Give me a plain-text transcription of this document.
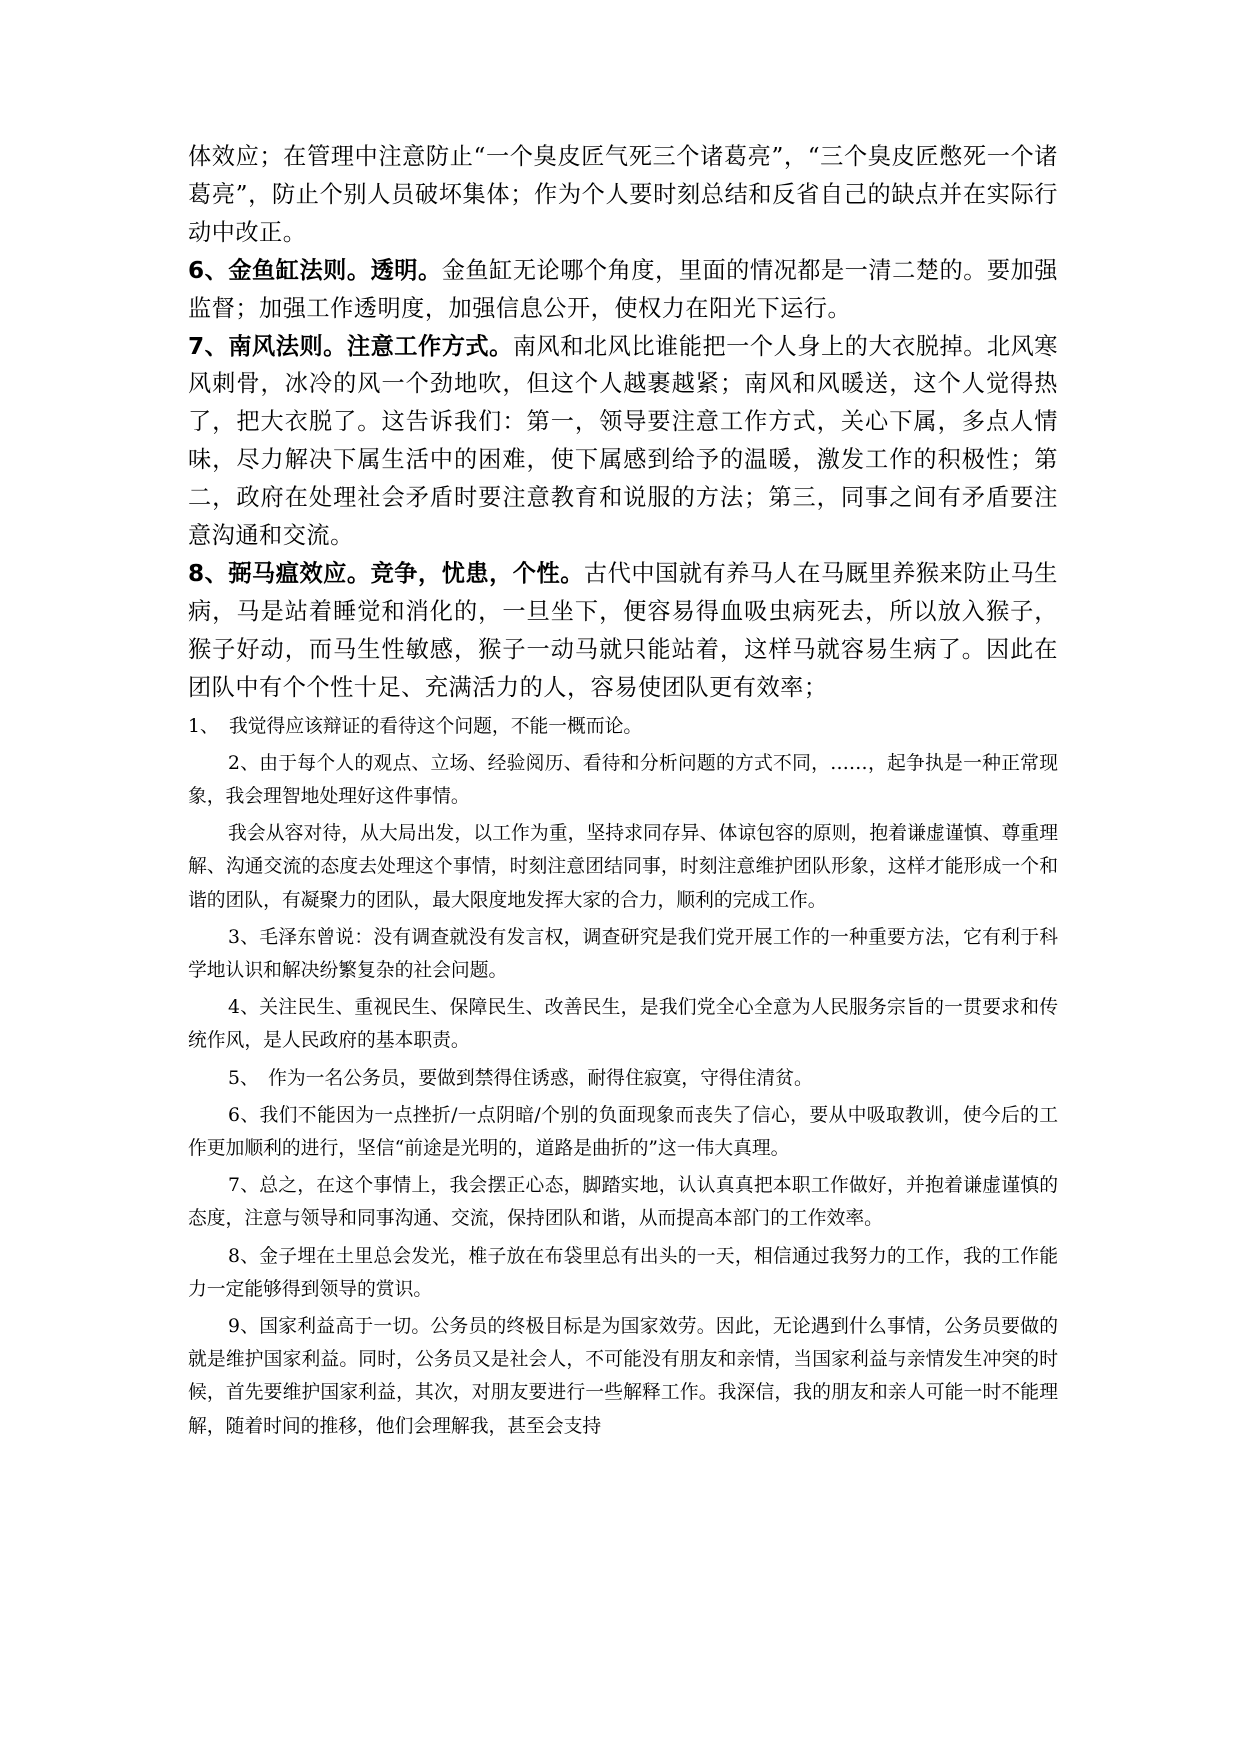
体效应；在管理中注意防止“一个臭皮匠气死三个诸葛亮”，“三个臭皮匠憋死一个诸葛亮”，防止个别人员破坏集体；作为个人要时刻总结和反省自己的缺点并在实际行动中改正。

6、金鱼缸法则。透明。金鱼缸无论哪个角度，里面的情况都是一清二楚的。要加强监督；加强工作透明度，加强信息公开，使权力在阳光下运行。

7、南风法则。注意工作方式。南风和北风比谁能把一个人身上的大衣脱掉。北风寒风刺骨，冰冷的风一个劲地吹，但这个人越裹越紧；南风和风暖送，这个人觉得热了，把大衣脱了。这告诉我们：第一，领导要注意工作方式，关心下属，多点人情味，尽力解决下属生活中的困难，使下属感到给予的温暖，激发工作的积极性；第二，政府在处理社会矛盾时要注意教育和说服的方法；第三，同事之间有矛盾要注意沟通和交流。

8、弼马瘟效应。竞争，忧患，个性。古代中国就有养马人在马厩里养猴来防止马生病，马是站着睡觉和消化的，一旦坐下，便容易得血吸虫病死去，所以放入猴子，猴子好动，而马生性敏感，猴子一动马就只能站着，这样马就容易生病了。因此在团队中有个个性十足、充满活力的人，容易使团队更有效率；

1、 我觉得应该辩证的看待这个问题，不能一概而论。

2、由于每个人的观点、立场、经验阅历、看待和分析问题的方式不同，……，起争执是一种正常现象，我会理智地处理好这件事情。

我会从容对待，从大局出发，以工作为重，坚持求同存异、体谅包容的原则，抱着谦虚谨慎、尊重理解、沟通交流的态度去处理这个事情，时刻注意团结同事，时刻注意维护团队形象，这样才能形成一个和谐的团队，有凝聚力的团队，最大限度地发挥大家的合力，顺利的完成工作。

3、毛泽东曾说：没有调查就没有发言权，调查研究是我们党开展工作的一种重要方法，它有利于科学地认识和解决纷繁复杂的社会问题。

4、关注民生、重视民生、保障民生、改善民生，是我们党全心全意为人民服务宗旨的一贯要求和传统作风，是人民政府的基本职责。

5、　作为一名公务员，要做到禁得住诱惑，耐得住寂寞，守得住清贫。

6、我们不能因为一点挫折/一点阴暗/个别的负面现象而丧失了信心，要从中吸取教训，使今后的工作更加顺利的进行，坚信“前途是光明的，道路是曲折的”这一伟大真理。

7、总之，在这个事情上，我会摆正心态，脚踏实地，认认真真把本职工作做好，并抱着谦虚谨慎的态度，注意与领导和同事沟通、交流，保持团队和谐，从而提高本部门的工作效率。

8、金子埋在土里总会发光，椎子放在布袋里总有出头的一天，相信通过我努力的工作，我的工作能力一定能够得到领导的赏识。

9、国家利益高于一切。公务员的终极目标是为国家效劳。因此，无论遇到什么事情，公务员要做的就是维护国家利益。同时，公务员又是社会人，不可能没有朋友和亲情，当国家利益与亲情发生冲突的时候，首先要维护国家利益，其次，对朋友要进行一些解释工作。我深信，我的朋友和亲人可能一时不能理解，随着时间的推移，他们会理解我，甚至会支持
